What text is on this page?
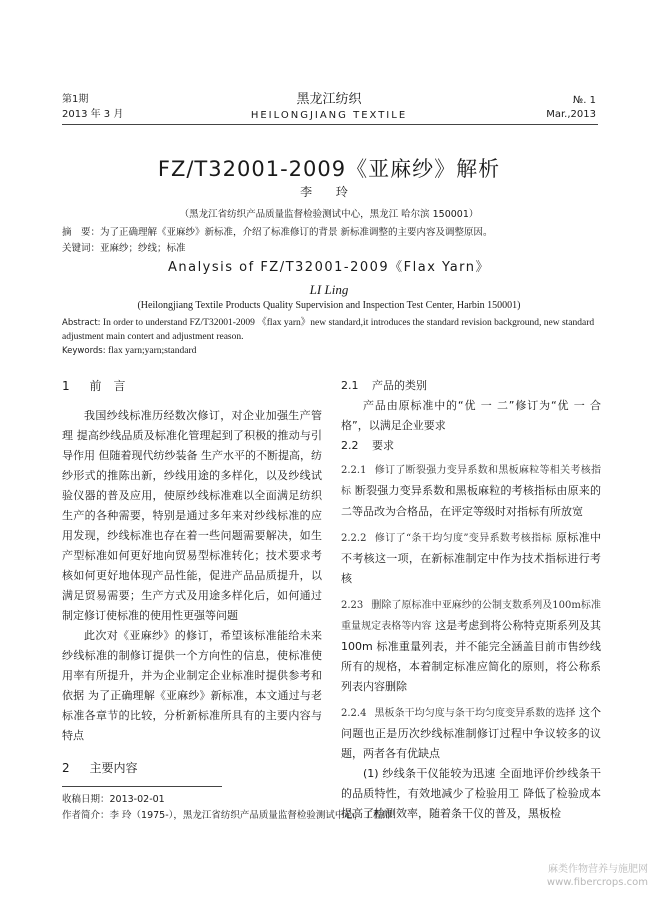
第1期
2013 年 3 月
黑龙江纺织
HEILONGJIANG TEXTILE
№. 1
Mar.,2013
FZ/T32001-2009《亚麻纱》解析
李 玲
（黑龙江省纺织产品质量监督检验测试中心，黑龙江 哈尔滨 150001）
摘　要：为了正确理解《亚麻纱》新标准，介绍了标准修订的背景 新标准调整的主要内容及调整原因。
关键词：亚麻纱；纱线；标准
Analysis of FZ/T32001-2009《Flax Yarn》
LI Ling
(Heilongjiang Textile Products Quality Supervision and Inspection Test Center, Harbin 150001)
Abstract: In order to understand FZ/T32001-2009 《flax yarn》new standard,it introduces the standard revision background, new standard adjustment main contert and adjustment reason.
Keywords: flax yarn;yarn;standard
1 前　言

我国纱线标准历经数次修订，对企业加强生产管理 提高纱线品质及标准化管理起到了积极的推动与引导作用 但随着现代纺纱装备 生产水平的不断提高，纺纱形式的推陈出新，纱线用途的多样化，以及纱线试验仪器的普及应用，使原纱线标准难以全面满足纺织生产的各种需要，特别是通过多年来对纱线标准的应用发现，纱线标准也存在着一些问题需要解决，如生产型标准如何更好地向贸易型标准转化；技术要求考核如何更好地体现产品性能，促进产品品质提升，以满足贸易需要；生产方式及用途多样化后，如何通过制定修订使标准的使用性更强等问题

此次对《亚麻纱》的修订，希望该标准能给未来纱线标准的制修订提供一个方向性的信息，使标准使用率有所提升，并为企业制定企业标准时提供参考和依据 为了正确理解《亚麻纱》新标准，本文通过与老标准各章节的比较，分析新标准所具有的主要内容与特点

2 主要内容
2.1 产品的类别

产品由原标准中的“优 一 二”修订为“优 一 合格”，以满足企业要求

2.2 要求
2.2.1 修订了断裂强力变异系数和黑板麻粒等相关考核指标 断裂强力变异系数和黑板麻粒的考核指标由原来的二等品改为合格品，在评定等级时对指标有所放宽
2.2.2 修订了“条干均匀度”变异系数考核指标 原标准中不考核这一项，在新标准制定中作为技术指标进行考核
2.23 删除了原标准中亚麻纱的公制支数系列及100m标准重量规定表格等内容 这是考虑到将公称特克斯系列及其 100m 标准重量列表，并不能完全涵盖目前市售纱线所有的规格，本着制定标准应简化的原则，将公称系列表内容删除
2.2.4 黑板条干均匀度与条干均匀度变异系数的选择 这个问题也正是历次纱线标准制修订过程中争议较多的议题，两者各有优缺点

(1) 纱线条干仪能较为迅速 全面地评价纱线条干的品质特性，有效地减少了检验用工 降低了检验成本 提高了检测效率，随着条干仪的普及，黑板检

收稿日期：2013-02-01
作者简介：李 玲（1975-），黑龙江省纺织产品质量监督检验测试中心，工程师
麻类作物营养与施肥网
www.fibercrops.com
